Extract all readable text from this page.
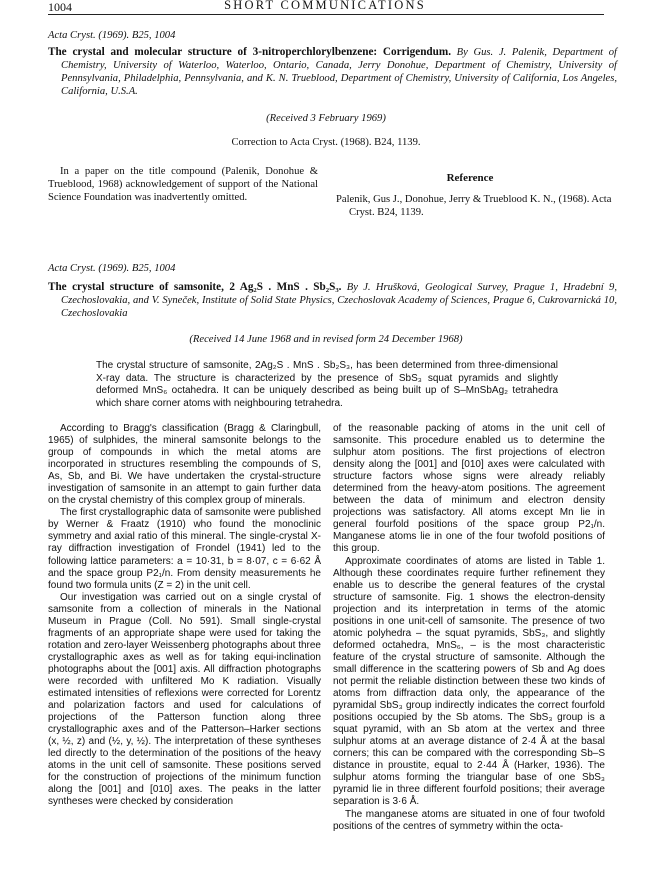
1004	SHORT COMMUNICATIONS
Acta Cryst. (1969). B25, 1004
The crystal and molecular structure of 3-nitroperchlorylbenzene: Corrigendum. By Gus. J. Palenik, Department of Chemistry, University of Waterloo, Waterloo, Ontario, Canada, Jerry Donohue, Department of Chemistry, University of Pennsylvania, Philadelphia, Pennsylvania, and K. N. Trueblood, Department of Chemistry, University of California, Los Angeles, California, U.S.A.
(Received 3 February 1969)
Correction to Acta Cryst. (1968). B24, 1139.
In a paper on the title compound (Palenik, Donohue & Trueblood, 1968) acknowledgement of support of the National Science Foundation was inadvertently omitted.
Reference
Palenik, Gus J., Donohue, Jerry & Trueblood K. N., (1968). Acta Cryst. B24, 1139.
Acta Cryst. (1969). B25, 1004
The crystal structure of samsonite, 2 Ag₂S . MnS . Sb₂S₃. By J. Hrušková, Geological Survey, Prague 1, Hradební 9, Czechoslovakia, and V. Syneček, Institute of Solid State Physics, Czechoslovak Academy of Sciences, Prague 6, Cukrovarnická 10, Czechoslovakia
(Received 14 June 1968 and in revised form 24 December 1968)
The crystal structure of samsonite, 2Ag₂S . MnS . Sb₂S₃, has been determined from three-dimensional X-ray data. The structure is characterized by the presence of SbS₃ squat pyramids and slightly deformed MnS₆ octahedra. It can be uniquely described as being built up of S–MnSbAg₂ tetrahedra which share corner atoms with neighbouring tetrahedra.

According to Bragg's classification (Bragg & Claringbull, 1965) of sulphides, the mineral samsonite belongs to the group of compounds in which the metal atoms are incorporated in structures resembling the compounds of S, As, Sb, and Bi. We have undertaken the crystal-structure investigation of samsonite in an attempt to gain further data on the crystal chemistry of this complex group of minerals.

The first crystallographic data of samsonite were published by Werner & Fraatz (1910) who found the monoclinic symmetry and axial ratio of this mineral. The single-crystal X-ray diffraction investigation of Frondel (1941) led to the following lattice parameters: a = 10·31, b = 8·07, c = 6·62 Å and the space group P2₁/n. From density measurements he found two formula units (Z = 2) in the unit cell.

Our investigation was carried out on a single crystal of samsonite from a collection of minerals in the National Museum in Prague (Coll. No 591). Small single-crystal fragments of an appropriate shape were used for taking the rotation and zero-layer Weissenberg photographs about three crystallographic axes as well as for taking equi-inclination photographs about the [001] axis. All diffraction photographs were recorded with unfiltered Mo K radiation. Visually estimated intensities of reflexions were corrected for Lorentz and polarization factors and used for calculations of projections of the Patterson function along three crystallographic axes and of the Patterson–Harker sections (x, ½, z) and (½, y, ½). The interpretation of these syntheses led directly to the determination of the positions of the heavy atoms in the unit cell of samsonite. These positions served for the construction of projections of the minimum function along the [001] and [010] axes. The peaks in the latter syntheses were checked by consideration

of the reasonable packing of atoms in the unit cell of samsonite. This procedure enabled us to determine the sulphur atom positions. The first projections of electron density along the [001] and [010] axes were calculated with structure factors whose signs were already reliably determined from the heavy-atom positions. The agreement between the data of minimum and electron density projections was satisfactory. All atoms except Mn lie in general fourfold positions of the space group P2₁/n. Manganese atoms lie in one of the four twofold positions of this group.

Approximate coordinates of atoms are listed in Table 1. Although these coordinates require further refinement they enable us to describe the general features of the crystal structure of samsonite. Fig. 1 shows the electron-density projection and its interpretation in terms of the atomic positions in one unit-cell of samsonite. The presence of two atomic polyhedra – the squat pyramids, SbS₃, and slightly deformed octahedra, MnS₆, – is the most characteristic feature of the crystal structure of samsonite. Although the small difference in the scattering powers of Sb and Ag does not permit the reliable distinction between these two kinds of atoms from diffraction data only, the appearance of the pyramidal SbS₃ group indirectly indicates the correct fourfold positions occupied by the Sb atoms. The SbS₃ group is a squat pyramid, with an Sb atom at the vertex and three sulphur atoms at an average distance of 2·4 Å at the basal corners; this can be compared with the corresponding Sb–S distance in proustite, equal to 2·44 Å (Harker, 1936). The sulphur atoms forming the triangular base of one SbS₃ pyramid lie in three different fourfold positions; their average separation is 3·6 Å.

The manganese atoms are situated in one of four twofold positions of the centres of symmetry within the octa-
